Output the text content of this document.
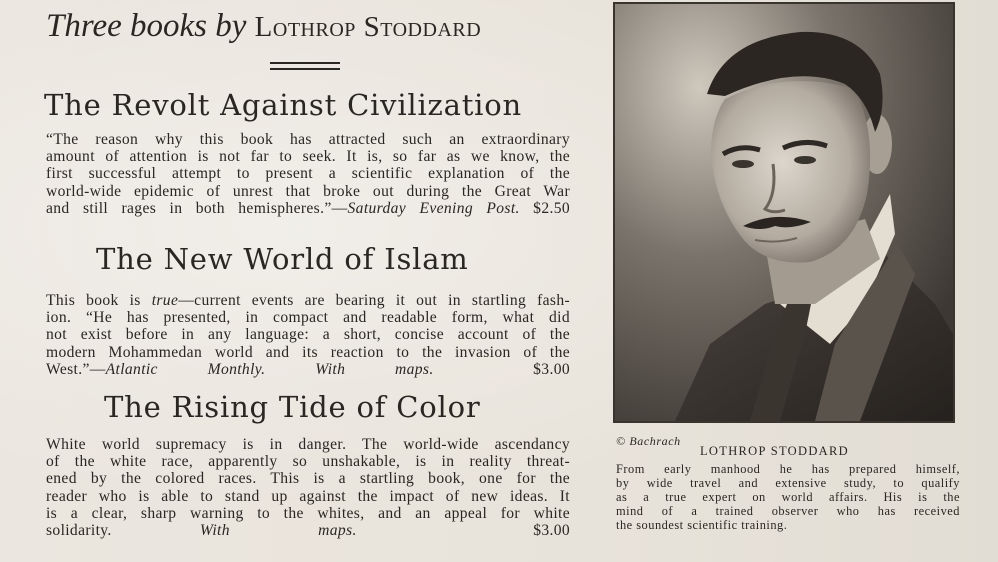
Three books by Lothrop Stoddard
The Revolt Against Civilization
“The reason why this book has attracted such an extraordinary
amount of attention is not far to seek. It is, so far as we know, the
first successful attempt to present a scientific explanation of the
world-wide epidemic of unrest that broke out during the Great War
and still rages in both hemispheres.”—Saturday Evening Post. $2.50
The New World of Islam
This book is true—current events are bearing it out in startling fash-
ion. “He has presented, in compact and readable form, what did
not exist before in any language: a short, concise account of the
modern Mohammedan world and its reaction to the invasion of the
West.”—Atlantic Monthly.	With maps.	$3.00
The Rising Tide of Color
White world supremacy is in danger. The world-wide ascendancy
of the white race, apparently so unshakable, is in reality threat-
ened by the colored races. This is a startling book, one for the
reader who is able to stand up against the impact of new ideas. It
is a clear, sharp warning to the whites, and an appeal for white
solidarity.	With maps.	$3.00
© Bachrach
LOTHROP STODDARD
From early manhood he has prepared himself,
by wide travel and extensive study, to qualify
as a true expert on world affairs. His is the
mind of a trained observer who has received
the soundest scientific training.
